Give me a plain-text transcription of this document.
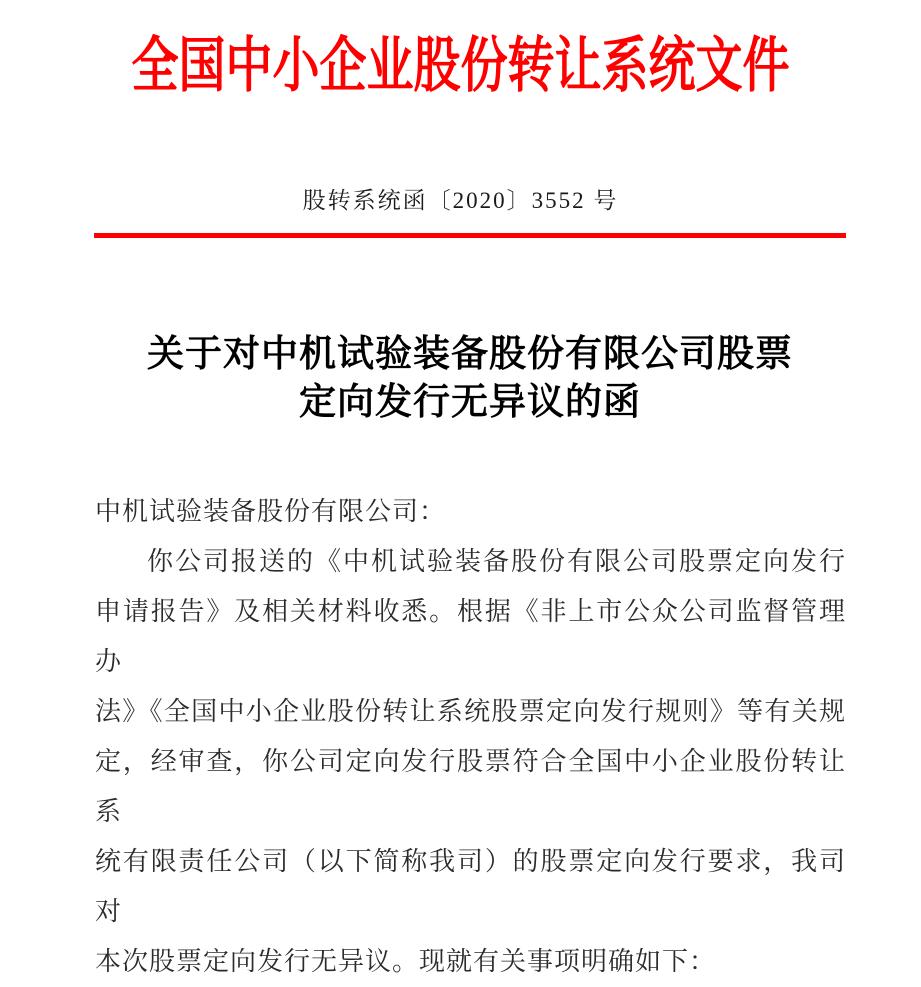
全国中小企业股份转让系统文件
股转系统函〔2020〕3552 号
关于对中机试验装备股份有限公司股票
定向发行无异议的函
中机试验装备股份有限公司：
你公司报送的《中机试验装备股份有限公司股票定向发行
申请报告》及相关材料收悉。根据《非上市公众公司监督管理办
法》《全国中小企业股份转让系统股票定向发行规则》等有关规
定，经审查，你公司定向发行股票符合全国中小企业股份转让系
统有限责任公司（以下简称我司）的股票定向发行要求，我司对
本次股票定向发行无异议。现就有关事项明确如下：
